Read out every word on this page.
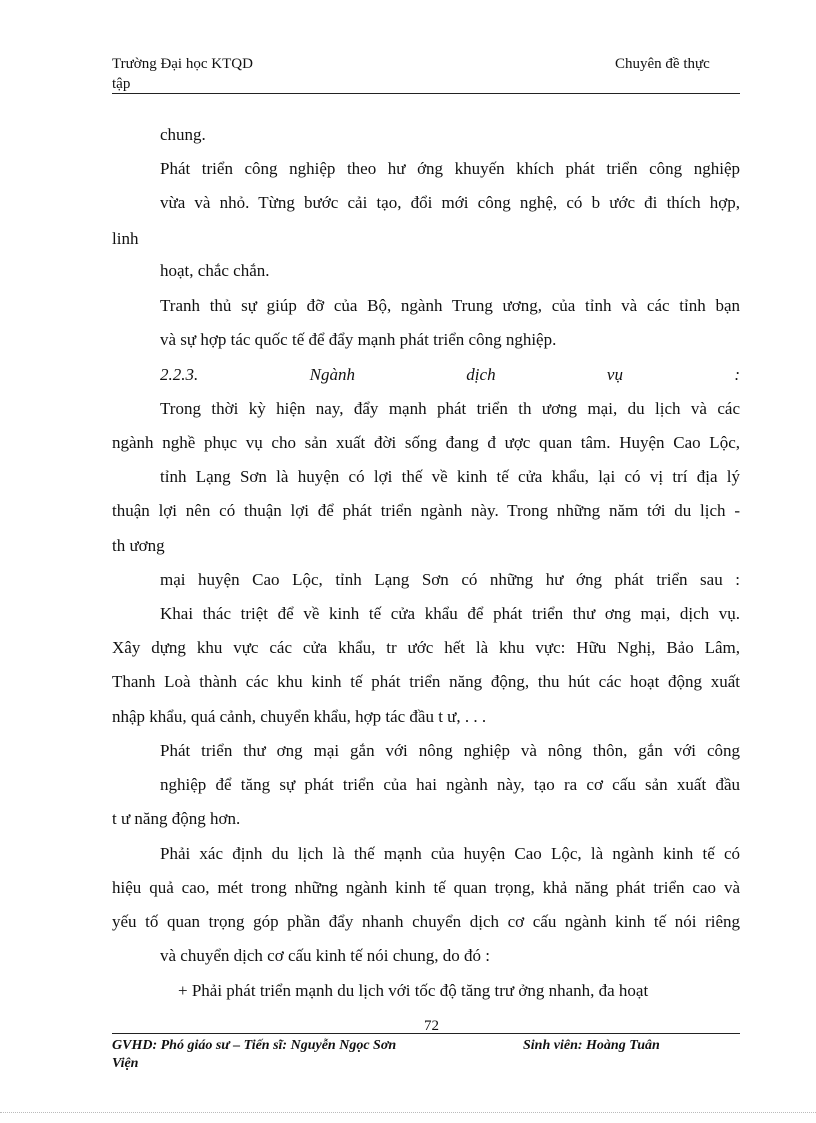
Trường Đại học KTQD
tập
Chuyên đề thực
chung.
Phát triển công nghiệp theo hư ớng khuyến khích phát triển công nghiệp
vừa và nhỏ. Từng bước cải tạo, đổi mới công nghệ, có b ước đi thích hợp,
linh
hoạt, chắc chắn.
Tranh thủ sự giúp đỡ của Bộ, ngành Trung ương, của tỉnh và các tỉnh bạn
và sự hợp tác quốc tế để đẩy mạnh phát triển công nghiệp.
2.2.3. Ngành dịch vụ :
Trong thời kỳ hiện nay, đẩy mạnh phát triển th ương mại, du lịch và các
ngành nghề phục vụ cho sản xuất đời sống đang đ ược quan tâm. Huyện Cao Lộc,
tỉnh Lạng Sơn là huyện có lợi thế về kinh tế cửa khẩu, lại có vị trí địa lý
thuận lợi nên có thuận lợi để phát triển ngành này. Trong những năm tới du lịch -
th ương
mại huyện Cao Lộc, tỉnh Lạng Sơn có những hư ớng phát triển sau :
Khai thác triệt để về kinh tế cửa khẩu để phát triển thư ơng mại, dịch vụ.
Xây dựng khu vực các cửa khẩu, tr ước hết là khu vực: Hữu Nghị, Bảo Lâm,
Thanh Loà thành các khu kinh tế phát triển năng động, thu hút các hoạt động xuất
nhập khẩu, quá cảnh, chuyển khẩu, hợp tác đầu t ư, . . .
Phát triển thư ơng mại gắn với nông nghiệp và nông thôn, gắn với công
nghiệp để tăng sự phát triển của hai ngành này, tạo ra cơ cấu sản xuất đầu
t ư năng động hơn.
Phải xác định du lịch là thế mạnh của huyện Cao Lộc, là ngành kinh tế có
hiệu quả cao, mét trong những ngành kinh tế quan trọng, khả năng phát triển cao và
yếu tố quan trọng góp phần đẩy nhanh chuyển dịch cơ cấu ngành kinh tế nói riêng
và chuyển dịch cơ cấu kinh tế nói chung, do đó :
+ Phải phát triển mạnh du lịch với tốc độ tăng trư ởng nhanh, đa hoạt
72
GVHD: Phó giáo sư – Tiến sĩ: Nguyễn Ngọc Sơn
Viện
Sinh viên: Hoàng Tuân
